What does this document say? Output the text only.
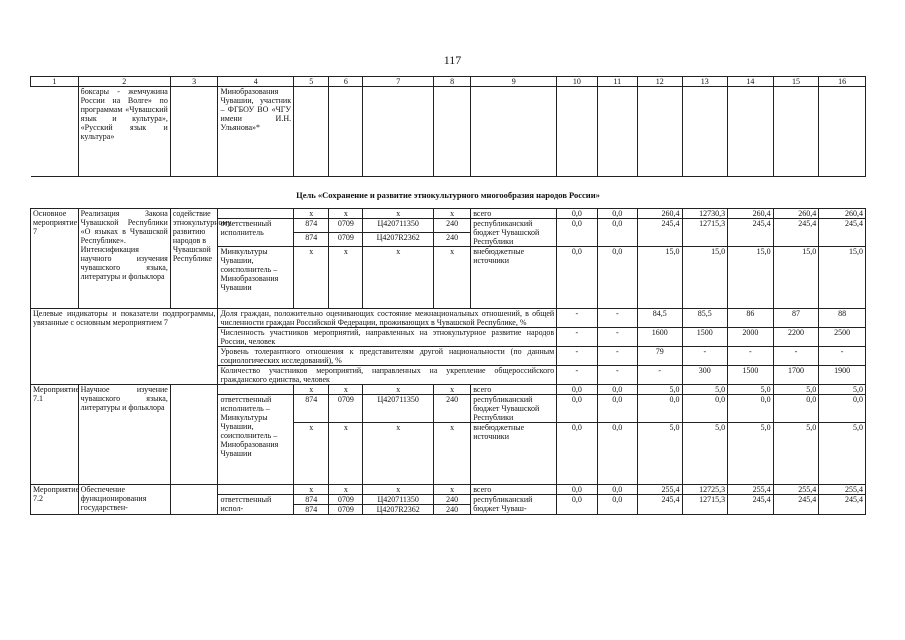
117
1	2	3	4	5	6	7	8	9	10	11	12	13	14	15	16
	боксары - жемчужина России на Волге» по программам «Чувашский язык и культура», «Русский язык и культура»		Минобразования Чувашии, участник – ФГБОУ ВО «ЧГУ имени И.Н. Ульянова»*												
Цель «Сохранение и развитие этнокультурного многообразия народов России»															
Основное мероприятие 7	Реализация Закона Чувашской Республики «О языках в Чувашской Республике». Интенсификация научного изучения чувашского языка, литературы и фольклора	содействие этнокультурному развитию народов в Чувашской Республике		x	x	x	x	всего	0,0	0,0	260,4	12730,3	260,4	260,4	260,4
			ответственный исполнитель	874	0709	Ц420711350	240	республиканский бюджет Чувашской Республики	0,0	0,0	245,4	12715,3	245,4	245,4	245,4
				874	0709	Ц4207R2362	240								
			Минкультуры Чувашии, соисполнитель – Минобразования Чувашии	x	x	x	x	внебюджетные источники	0,0	0,0	15,0	15,0	15,0	15,0	15,0
Целевые индикаторы и показатели подпрограммы, увязанные с основным мероприятием 7			Доля граждан, положительно оценивающих состояние межнациональных отношений, в общей численности граждан Российской Федерации, проживающих в Чувашской Республике, %						-	-	84,5	85,5	86	87	88
			Численность участников мероприятий, направленных на этнокультурное развитие народов России, человек						-	-	1600	1500	2000	2200	2500
			Уровень толерантного отношения к представителям другой национальности (по данным социологических исследований), %						-	-	79	-	-	-	-
			Количество участников мероприятий, направленных на укрепление общероссийского гражданского единства, человек						-	-	-	300	1500	1700	1900
Мероприятие 7.1	Научное изучение чувашского языка, литературы и фольклора			x	x	x	x	всего	0,0	0,0	5,0	5,0	5,0	5,0	5,0
			ответственный исполнитель – Минкультуры Чувашии, соисполнитель – Минобразования Чувашии	874	0709	Ц420711350	240	республиканский бюджет Чувашской Республики	0,0	0,0	0,0	0,0	0,0	0,0	0,0
				x	x	x	x	внебюджетные источники	0,0	0,0	5,0	5,0	5,0	5,0	5,0
Мероприятие 7.2	Обеспечение функционирования государствен-			x	x	x	x	всего	0,0	0,0	255,4	12725,3	255,4	255,4	255,4
			ответственный испол-	874	0709	Ц420711350	240	республиканский бюджет Чуваш-	0,0	0,0	245,4	12715,3	245,4	245,4	245,4
				874	0709	Ц4207R2362	240								
